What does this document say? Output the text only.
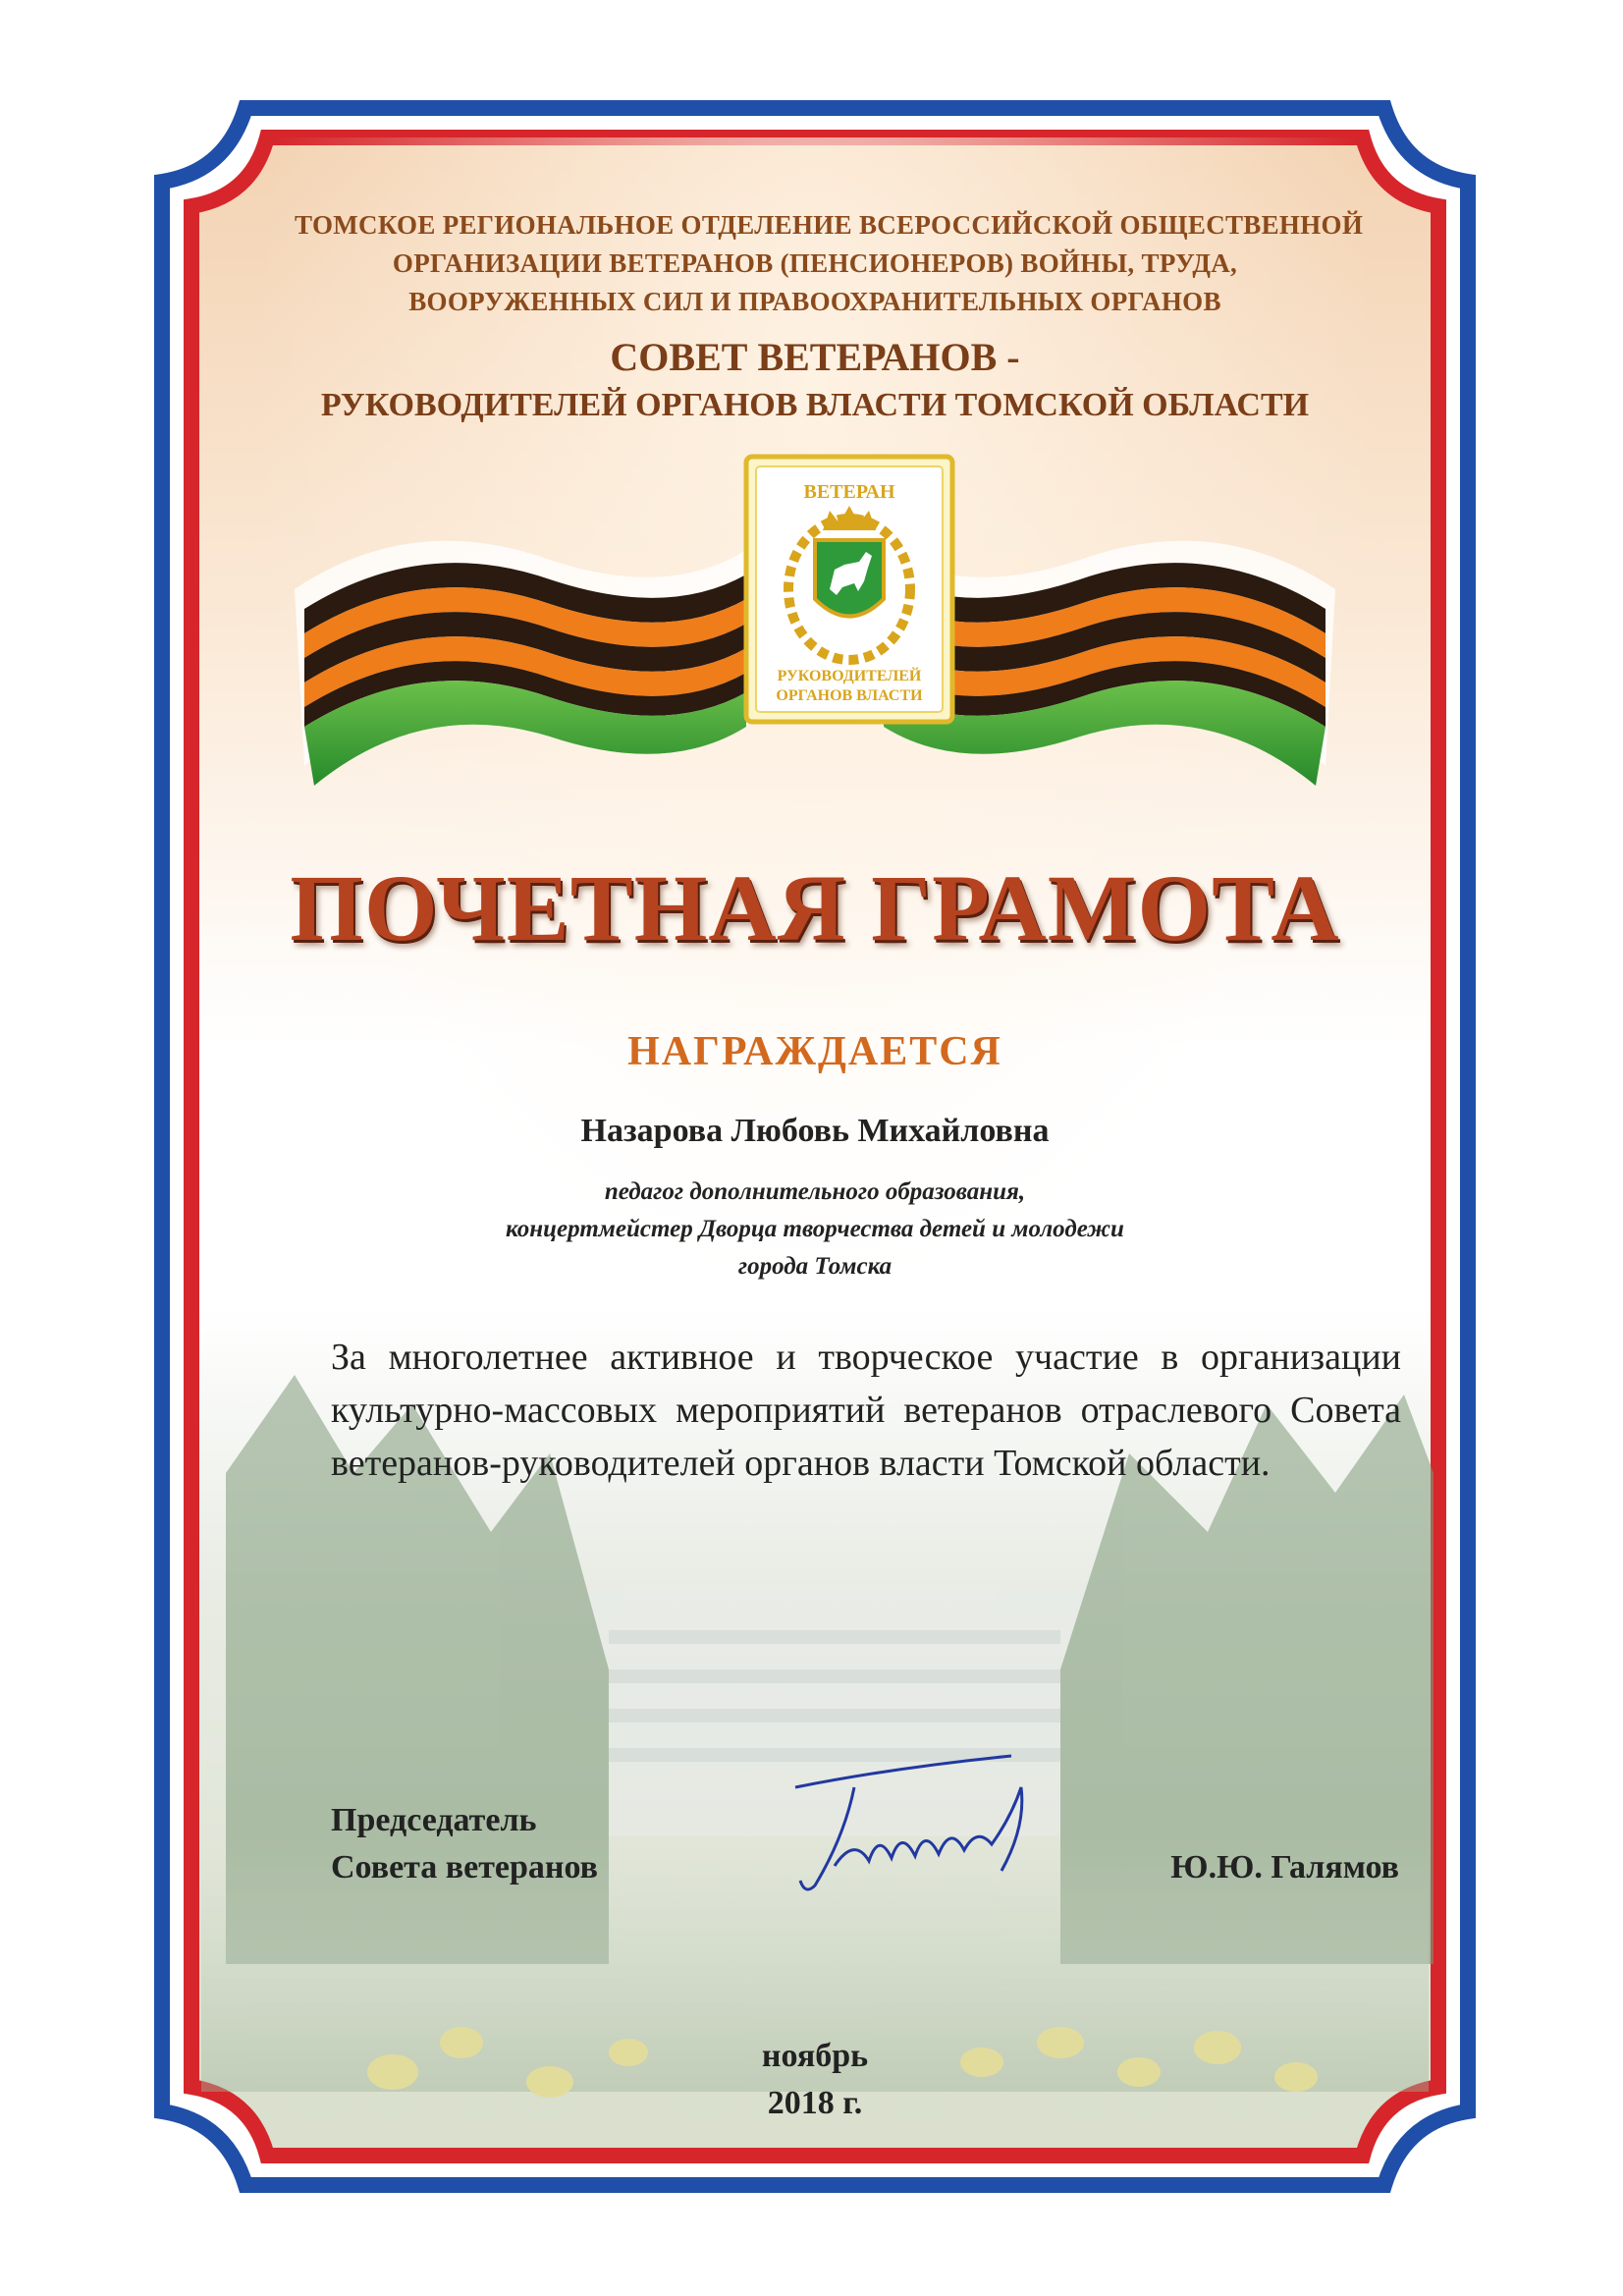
ВЕТЕРАН
РУКОВОДИТЕЛЕЙ
ОРГАНОВ ВЛАСТИ
ТОМСКОЕ РЕГИОНАЛЬНОЕ ОТДЕЛЕНИЕ ВСЕРОССИЙСКОЙ ОБЩЕСТВЕННОЙ
ОРГАНИЗАЦИИ ВЕТЕРАНОВ (ПЕНСИОНЕРОВ) ВОЙНЫ, ТРУДА,
ВООРУЖЕННЫХ СИЛ И ПРАВООХРАНИТЕЛЬНЫХ ОРГАНОВ
СОВЕТ ВЕТЕРАНОВ -
РУКОВОДИТЕЛЕЙ ОРГАНОВ ВЛАСТИ ТОМСКОЙ ОБЛАСТИ
ПОЧЕТНАЯ ГРАМОТА
НАГРАЖДАЕТСЯ
Назарова Любовь Михайловна
педагог дополнительного образования,
концертмейстер Дворца творчества детей и молодежи
города Томска
За многолетнее активное и творческое участие в организации культурно-массовых мероприятий ветеранов отраслевого Совета ветеранов-руководителей органов власти Томской области.
Председатель
Совета ветеранов	Ю.Ю. Галямов
ноябрь
2018 г.
